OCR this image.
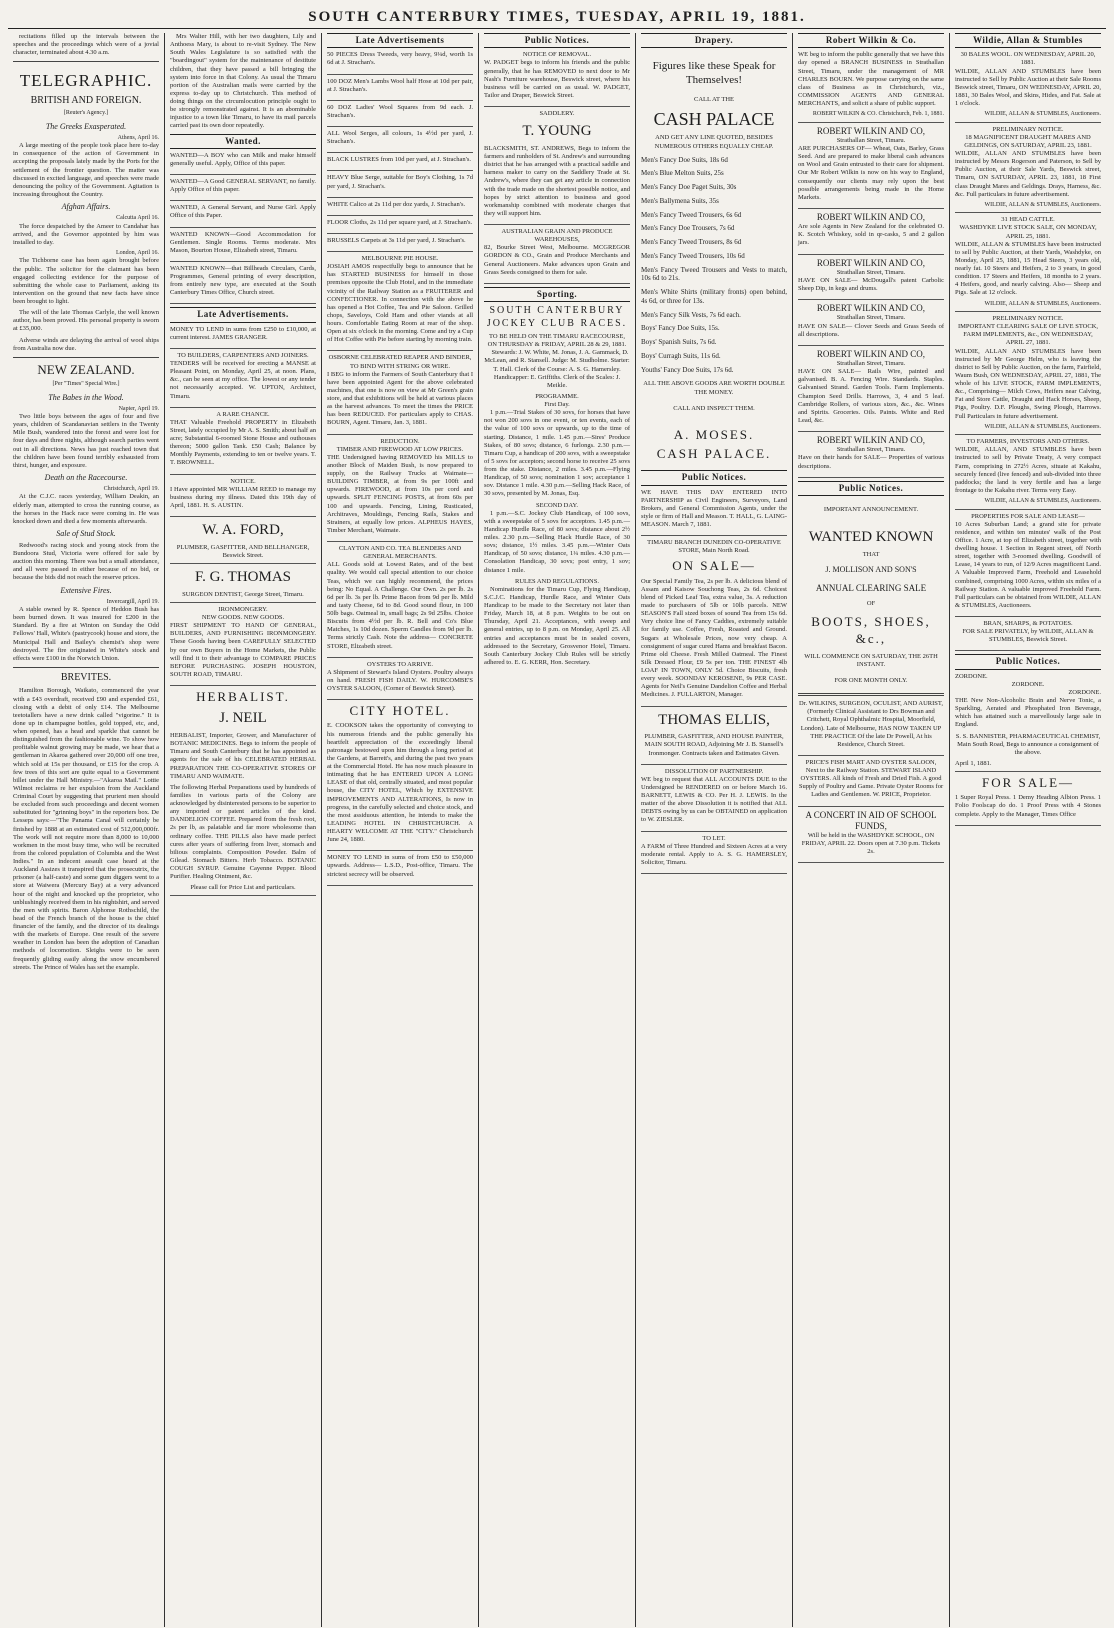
SOUTH CANTERBURY TIMES, TUESDAY, APRIL 19, 1881.

recitations filled up the intervals between the speeches and the proceedings which were of a jovial character, terminated about 4.30 a.m.

TELEGRAPHIC.
BRITISH AND FOREIGN.
[Reuter's Agency.]
The Greeks Exasperated.
Athens, April 16.

A large meeting of the people took place here to-day in consequence of the action of Government in accepting the proposals lately made by the Ports for the settlement of the frontier question. The matter was discussed in excited language, and speeches were made denouncing the policy of the Government. Agitation is increasing throughout the Country.

Afghan Affairs.
Calcutta April 16.

The force despatched by the Ameer to Candahar has arrived, and the Governor appointed by him was installed to day.

London, April 16.

The Tichborne case has been again brought before the public. The solicitor for the claimant has been engaged collecting evidence for the purpose of submitting the whole case to Parliament, asking its intervention on the ground that new facts have since been brought to light.

The will of the late Thomas Carlyle, the well known author, has been proved. His personal property is sworn at £35,000.

Adverse winds are delaying the arrival of wool ships from Australia now due.

NEW ZEALAND.
[Per "Times" Special Wire.]
The Babes in the Wood.
Napier, April 19.

Two little boys between the ages of four and five years, children of Scandanavian settlers in the Twenty Mile Bush, wandered into the forest and were lost for four days and three nights, although search parties went out in all directions. News has just reached town that the children have been found terribly exhausted from thirst, hunger, and exposure.

Death on the Racecourse.
Christchurch, April 19.

At the C.J.C. races yesterday, William Deakin, an elderly man, attempted to cross the running course, as the horses in the Hack race were coming in. He was knocked down and died a few moments afterwards.

Sale of Stud Stock.

Redwood's racing stock and young stock from the Bundoora Stud, Victoria were offered for sale by auction this morning. There was but a small attendance, and all were passed in either because of no bid, or because the bids did not reach the reserve prices.

Extensive Fires.
Invercargill, April 19.

A stable owned by R. Spence of Heddon Bush has been burned down. It was insured for £200 in the Standard. By a fire at Winton on Sunday the Odd Fellows' Hall, White's (pastrycook) house and store, the Municipal Hall and Bailey's chemist's shop were destroyed. The fire originated in White's stock and effects were £100 in the Norwich Union.

BREVITES.

Hamilton Borough, Waikato, commenced the year with a £43 overdraft, received £90 and expended £61, closing with a debit of only £14. The Melbourne teetotallers have a new drink called "vigorine." It is done up in champagne bottles, gold topped, etc, and, when opened, has a head and sparkle that cannot be distinguished from the fashionable wine. To show how profitable walnut growing may be made, we hear that a gentleman in Akaroa gathered over 20,000 off one tree, which sold at 15s per thousand, or £15 for the crop. A few trees of this sort are quite equal to a Government billet under the Hall Ministry.—"Akaroa Mail." Lottie Wilmot reclaims re her expulsion from the Auckland Criminal Court by suggesting that prurient men should be excluded from such proceedings and decent women substituted for "grinning boys" in the reporters box. De Lesseps says:—"The Panama Canal will certainly be finished by 1888 at an estimated cost of 512,000,000fr. The work will not require more than 8,000 to 10,000 workmen in the most busy time, who will be recruited from the colored population of Columbia and the West Indies." In an indecent assault case heard at the Auckland Assizes it transpired that the prosecutrix, the prisoner (a half-caste) and some gum diggers went to a store at Waiwera (Mercury Bay) at a very advanced hour of the night and knocked up the proprietor, who unblushingly received them in his nightshirt, and served the men with spirits. Baron Alphonse Rothschild, the head of the French branch of the house is the chief financier of the family, and the director of its dealings with the markets of Europe. One result of the severe weather in London has been the adoption of Canadian methods of locomotion. Sleighs were to be seen frequently gliding easily along the snow encumbered streets. The Prince of Wales has set the example.

Mrs Walter Hill, with her two daughters, Lily and Anthoess Mary, is about to re-visit Sydney. The New South Wales Legislature is so satisfied with the "boardingout" system for the maintenance of destitute children, that they have passed a bill bringing the system into force in that Colony. As usual the Timaru portion of the Australian mails were carried by the express to-day up to Christchurch. This method of doing things on the circumlocution principle ought to be strongly remonstrated against. It is an abominable injustice to a town like Timaru, to have its mail parcels carried past its own door repeatedly.

Wanted.

WANTED—A BOY who can Milk and make himself generally useful. Apply, Office of this paper.

WANTED—A Good GENERAL SERVANT, no family. Apply Office of this paper.

WANTED, A General Servant, and Nurse Girl. Apply Office of this Paper.

WANTED KNOWN—Good Accommodation for Gentlemen. Single Rooms. Terms moderate. Mrs Mason, Bourton House, Elizabeth street, Timaru.

WANTED KNOWN—that Billheads Circulars, Cards, Programmes, General printing of every description, from entirely new type, are executed at the South Canterbury Times Office, Church street.

Late Advertisements.

MONEY TO LEND in sums from £250 to £10,000, at current interest. JAMES GRANGER.

TO BUILDERS, CARPENTERS AND JOINERS.

TENDERS will be received for erecting a MANSE at Pleasant Point, on Monday, April 25, at noon. Plans, &c., can be seen at my office. The lowest or any tender not necessarily accepted. W. UPTON, Architect, Timaru.

A RARE CHANCE.

THAT Valuable Freehold PROPERTY in Elizabeth Street, lately occupied by Mr A. S. Smith; about half an acre; Substantial 6-roomed Stone House and outhouses thereon; 5000 gallon Tank. £50 Cash; Balance by Monthly Payments, extending to ten or twelve years. T. T. BROWNELL.

NOTICE.

I Have appointed MR WILLIAM REED to manage my business during my illness. Dated this 19th day of April, 1881. H. S. AUSTIN.

W. A. FORD,
PLUMBER, GASFITTER, AND BELLHANGER, Beswick Street.
F. G. THOMAS
SURGEON DENTIST, George Street, Timaru.
IRONMONGERY.
NEW GOODS. NEW GOODS.

FIRST SHIPMENT TO HAND OF GENERAL, BUILDERS, AND FURNISHING IRONMONGERY. These Goods having been CAREFULLY SELECTED by our own Buyers in the Home Markets, the Public will find it to their advantage to COMPARE PRICES BEFORE PURCHASING. JOSEPH HOUSTON, SOUTH ROAD, TIMARU.

HERBALIST.
J. NEIL

HERBALIST, Importer, Grower, and Manufacturer of BOTANIC MEDICINES. Begs to inform the people of Timaru and South Canterbury that he has appointed as agents for the sale of his CELEBRATED HERBAL PREPARATION THE CO-OPERATIVE STORES OF TIMARU AND WAIMATE.

The following Herbal Preparations used by hundreds of families in various parts of the Colony are acknowledged by disinterested persons to be superior to any imported or patent articles of the kind. DANDELION COFFEE. Prepared from the fresh root, 2s per lb, as palatable and far more wholesome than ordinary coffee. THE PILLS also have made perfect cures after years of suffering from liver, stomach and bilious complaints. Composition Powder. Balm of Gilead. Stomach Bitters. Herb Tobacco. BOTANIC COUGH SYRUP. Genuine Cayenne Pepper. Blood Purifier. Healing Ointment, &c.

Please call for Price List and particulars.
Late Advertisements

50 PIECES Dress Tweeds, very heavy, 9¼d, worth 1s 6d at J. Strachan's.

100 DOZ Men's Lambs Wool half Hose at 10d per pair, at J. Strachan's.

60 DOZ Ladies' Wool Squares from 9d each. J. Strachan's.

ALL Wool Serges, all colours, 1s 4½d per yard, J. Strachan's.

BLACK LUSTRES from 10d per yard, at J. Strachan's.

HEAVY Blue Serge, suitable for Boy's Clothing, 1s 7d per yard, J. Strachan's.

WHITE Calico at 2s 11d per doz yards, J. Strachan's.

FLOOR Cloths, 2s 11d per square yard, at J. Strachan's.

BRUSSELS Carpets at 3s 11d per yard, J. Strachan's.

MELBOURNE PIE HOUSE.

JOSIAH AMOS respectfully begs to announce that he has STARTED BUSINESS for himself in those premises opposite the Club Hotel, and in the immediate vicinity of the Railway Station as a FRUITERER and CONFECTIONER. In connection with the above he has opened a Hot Coffee, Tea and Pie Saloon. Grilled chops, Saveloys, Cold Ham and other viands at all hours. Comfortable Eating Room at rear of the shop. Open at six o'clock in the morning. Come and try a Cup of Hot Coffee with Pie before starting by morning train.

OSBORNE CELEBRATED REAPER AND BINDER, TO BIND WITH STRING OR WIRE.

I BEG to inform the Farmers of South Canterbury that I have been appointed Agent for the above celebrated machines, that one is now on view at Mr Green's grain store, and that exhibitions will be held at various places as the harvest advances. To meet the times the PRICE has been REDUCED. For particulars apply to CHAS. BOURN, Agent. Timaru, Jan. 3, 1881.

REDUCTION.
TIMBER AND FIREWOOD AT LOW PRICES.

THE Undersigned having REMOVED his MILLS to another Block of Maiden Bush, is now prepared to supply, on the Railway Trucks at Waimate— BUILDING TIMBER, at from 9s per 100ft and upwards. FIREWOOD, at from 10s per cord and upwards. SPLIT FENCING POSTS, at from 60s per 100 and upwards. Fencing, Lining, Rusticated, Architraves, Mouldings, Fencing Rails, Stakes and Strainers, at equally low prices. ALPHEUS HAYES, Timber Merchant, Waimate.

CLAYTON AND CO. TEA BLENDERS AND GENERAL MERCHANTS.

ALL Goods sold at Lowest Rates, and of the best quality. We would call special attention to our choice Teas, which we can highly recommend, the prices being: No Equal. A Challenge. Our Own. 2s per lb. 2s 6d per lb. 3s per lb. Prime Bacon from 9d per lb. Mild and tasty Cheese, 6d to 8d. Good sound flour, in 100 50lb bags. Oatmeal in, small bags; 2s 9d 25lbs. Choice Biscuits from 4½d per lb. R. Bell and Co's Blue Matches, 1s 10d dozen. Sperm Candles from 9d per lb. Terms strictly Cash. Note the address— CONCRETE STORE, Elizabeth street.

OYSTERS TO ARRIVE.

A Shipment of Stewart's Island Oysters. Poultry always on hand. FRESH FISH DAILY. W. HURCOMBE'S OYSTER SALOON, (Corner of Beswick Street).

CITY HOTEL.

E. COOKSON takes the opportunity of conveying to his numerous friends and the public generally his heartfelt appreciation of the exceedingly liberal patronage bestowed upon him through a long period at the Gardens, at Barrett's, and during the past two years at the Commercial Hotel. He has now much pleasure in intimating that he has ENTERED UPON A LONG LEASE of that old, centrally situated, and most popular house, the CITY HOTEL, Which by EXTENSIVE IMPROVEMENTS AND ALTERATIONS, Is now in progress, in the carefully selected and choice stock, and the most assiduous attention, he intends to make the LEADING HOTEL IN CHRISTCHURCH. A HEARTY WELCOME AT THE "CITY." Christchurch June 24, 1880.

MONEY TO LEND in sums of from £50 to £50,000 upwards. Address— L.S.D., Post-office, Timaru. The strictest secrecy will be observed.

Public Notices.
NOTICE OF REMOVAL.

W. PADGET begs to inform his friends and the public generally, that he has REMOVED to next door to Mr Nash's Furniture warehouse, Beswick street, where his business will be carried on as usual. W. PADGET, Tailor and Draper, Beswick Street.

SADDLERY.
T. YOUNG

BLACKSMITH, ST. ANDREWS, Begs to inform the farmers and runholders of St. Andrew's and surrounding district that he has arranged with a practical saddle and harness maker to carry on the Saddlery Trade at St. Andrew's, where they can get any article in connection with the trade made on the shortest possible notice, and hopes by strict attention to business and good workmanship combined with moderate charges that they will support him.

AUSTRALIAN GRAIN AND PRODUCE WAREHOUSES,

82, Bourke Street West, Melbourne. MCGREGOR GORDON & CO., Grain and Produce Merchants and General Auctioneers. Make advances upon Grain and Grass Seeds consigned to them for sale.

Sporting.
SOUTH CANTERBURY JOCKEY CLUB RACES.
TO BE HELD ON THE TIMARU RACECOURSE, ON THURSDAY & FRIDAY, APRIL 28 & 29, 1881.

Stewards: J. W. White, M. Jonas, J. A. Gammack, D. McLean, and R. Stansell. Judge: M. Studholme. Starter: T. Hall. Clerk of the Course: A. S. G. Hamersley. Handicapper: E. Griffiths. Clerk of the Scales: J. Meikle.

PROGRAMME.
First Day.

1 p.m.—Trial Stakes of 30 sovs, for horses that have not won 200 sovs in one event, or ten events, each of the value of 100 sovs or upwards, up to the time of starting. Distance, 1 mile. 1.45 p.m.—Sires' Produce Stakes, of 80 sovs; distance, 6 furlongs. 2.30 p.m.—Timaru Cup, a handicap of 200 sovs, with a sweepstake of 5 sovs for acceptors; second horse to receive 25 sovs from the stake. Distance, 2 miles. 3.45 p.m.—Flying Handicap, of 50 sovs; nomination 1 sov; acceptance 1 sov. Distance 1 mile. 4.30 p.m.—Selling Hack Race, of 30 sovs, presented by M. Jonas, Esq.

SECOND DAY.

1 p.m.—S.C. Jockey Club Handicap, of 100 sovs, with a sweepstake of 5 sovs for acceptors. 1.45 p.m.—Handicap Hurdle Race, of 80 sovs; distance about 2½ miles. 2.30 p.m.—Selling Hack Hurdle Race, of 30 sovs; distance, 1½ miles. 3.45 p.m.—Winter Oats Handicap, of 50 sovs; distance, 1¼ miles. 4.30 p.m.—Consolation Handicap, 30 sovs; post entry, 1 sov; distance 1 mile.

RULES AND REGULATIONS.

Nominations for the Timaru Cup, Flying Handicap, S.C.J.C. Handicap, Hurdle Race, and Winter Oats Handicap to be made to the Secretary not later than Friday, March 18, at 8 p.m. Weights to be out on Thursday, April 21. Acceptances, with sweep and general entries, up to 8 p.m. on Monday, April 25. All entries and acceptances must be in sealed covers, addressed to the Secretary, Grosvenor Hotel, Timaru. South Canterbury Jockey Club Rules will be strictly adhered to. E. G. KERR, Hon. Secretary.

Drapery.
Figures like these Speak for Themselves!
CALL AT THE
CASH PALACE
AND GET ANY LINE QUOTED, BESIDES NUMEROUS OTHERS EQUALLY CHEAP.
Men's Fancy Doe Suits, 18s 6d
Men's Blue Melton Suits, 25s
Men's Fancy Doe Paget Suits, 30s
Men's Ballymena Suits, 35s
Men's Fancy Tweed Trousers, 6s 6d
Men's Fancy Doe Trousers, 7s 6d
Men's Fancy Tweed Trousers, 8s 6d
Men's Fancy Tweed Trousers, 10s 6d
Men's Fancy Tweed Trousers and Vests to match, 10s 6d to 21s.
Men's White Shirts (military fronts) open behind, 4s 6d, or three for 13s.
Men's Fancy Silk Vests, 7s 6d each.
Boys' Fancy Doe Suits, 15s.
Boys' Spanish Suits, 7s 6d.
Boys' Curragh Suits, 11s 6d.
Youths' Fancy Doe Suits, 17s 6d.
ALL THE ABOVE GOODS ARE WORTH DOUBLE THE MONEY.
CALL AND INSPECT THEM.
A. MOSES.
CASH PALACE.
Public Notices.

WE HAVE THIS DAY ENTERED INTO PARTNERSHIP as Civil Engineers, Surveyors, Land Brokers, and General Commission Agents, under the style or firm of Hall and Meason. T. HALL, G. LAING-MEASON. March 7, 1881.

TIMARU BRANCH DUNEDIN CO-OPERATIVE STORE, Main North Road.
ON SALE—

Our Special Family Tea, 2s per lb. A delicious blend of Assam and Kaisow Souchong Teas, 2s 6d. Choicest blend of Picked Leaf Tea, extra value, 3s. A reduction made to purchasers of 5lb or 10lb parcels. NEW SEASON'S Fall sized boxes of sound Tea from 15s 6d. Very choice line of Fancy Caddies, extremely suitable for family use. Coffee, Fresh, Roasted and Ground. Sugars at Wholesale Prices, now very cheap. A consignment of sugar cured Hams and breakfast Bacon. Prime old Cheese. Fresh Milled Oatmeal. The Finest Silk Dressed Flour, £9 5s per ton. THE FINEST 4lb LOAF IN TOWN, ONLY 5d. Choice Biscuits, fresh every week. SOONDAY KEROSENE, 9s PER CASE. Agents for Neil's Genuine Dandelion Coffee and Herbal Medicines. J. FULLARTON, Manager.

THOMAS ELLIS,

PLUMBER, GASFITTER, AND HOUSE PAINTER, MAIN SOUTH ROAD, Adjoining Mr J. B. Stansell's Ironmonger. Contracts taken and Estimates Given.

DISSOLUTION OF PARTNERSHIP.

WE beg to request that ALL ACCOUNTS DUE to the Undersigned be RENDERED on or before March 16. BARNETT, LEWIS & CO. Per H. J. LEWIS. In the matter of the above Dissolution it is notified that ALL DEBTS owing by us can be OBTAINED on application to W. ZIESLER.

TO LET.

A FARM of Three Hundred and Sixteen Acres at a very moderate rental. Apply to A. S. G. HAMERSLEY, Solicitor, Timaru.

Robert Wilkin & Co.

WE beg to inform the public generally that we have this day opened a BRANCH BUSINESS in Strathallan Street, Timaru, under the management of MR CHARLES BOURN. We purpose carrying on the same class of Business as in Christchurch, viz., COMMISSION AGENTS AND GENERAL MERCHANTS, and solicit a share of public support.

ROBERT WILKIN & CO. Christchurch, Feb. 1, 1881.
ROBERT WILKIN AND CO,
Strathallan Street, Timaru.

ARE PURCHASERS OF— Wheat, Oats, Barley, Grass Seed. And are prepared to make liberal cash advances on Wool and Grain entrusted to their care for shipment. Our Mr Robert Wilkin is now on his way to England, consequently our clients may rely upon the best possible arrangements being made in the Home Markets.

ROBERT WILKIN AND CO,

Are sole Agents in New Zealand for the celebrated O. K. Scotch Whiskey, sold in qr-casks, 5 and 2 gallon jars.

ROBERT WILKIN AND CO,
Strathallan Street, Timaru.

HAVE ON SALE— McDougall's patent Carbolic Sheep Dip, in kegs and drums.

ROBERT WILKIN AND CO,
Strathallan Street, Timaru.

HAVE ON SALE— Clover Seeds and Grass Seeds of all descriptions.

ROBERT WILKIN AND CO,
Strathallan Street, Timaru.

HAVE ON SALE— Rails Wire, painted and galvanised. B. A. Fencing Wire. Standards. Staples. Galvanised Strand. Garden Tools. Farm Implements. Champion Seed Drills. Harrows, 3, 4 and 5 leaf. Cambridge Rollers, of various sizes, &c., &c. Wines and Spirits. Groceries. Oils. Paints. White and Red Lead, &c.

ROBERT WILKIN AND CO,
Strathallan Street, Timaru.

Have on their hands for SALE— Properties of various descriptions.

Public Notices.
IMPORTANT ANNOUNCEMENT.
WANTED KNOWN
THAT
J. MOLLISON AND SON'S
ANNUAL CLEARING SALE
OF
BOOTS, SHOES, &c.,
WILL COMMENCE ON SATURDAY, THE 26TH INSTANT.
FOR ONE MONTH ONLY.

Dr. WILKINS, SURGEON, OCULIST, AND AURIST, (Formerly Clinical Assistant to Drs Bowman and Critchett, Royal Ophthalmic Hospital, Moorfield, London). Late of Melbourne, HAS NOW TAKEN UP THE PRACTICE Of the late Dr Powell, At his Residence, Church Street.

PRICE'S FISH MART AND OYSTER SALOON,

Next to the Railway Station. STEWART ISLAND OYSTERS. All kinds of Fresh and Dried Fish. A good Supply of Poultry and Game. Private Oyster Rooms for Ladies and Gentlemen. W. PRICE, Proprietor.

A CONCERT IN AID OF SCHOOL FUNDS,

Will be held in the WASHDYKE SCHOOL, ON FRIDAY, APRIL 22. Doors open at 7.30 p.m. Tickets 2s.

Wildie, Allan & Stumbles
30 BALES WOOL. ON WEDNESDAY, APRIL 20, 1881.

WILDIE, ALLAN AND STUMBLES have been instructed to Sell by Public Auction at their Sale Rooms Beswick street, Timaru, ON WEDNESDAY, APRIL 20, 1881, 30 Bales Wool, and Skins, Hides, and Fat. Sale at 1 o'clock.

WILDIE, ALLAN & STUMBLES, Auctioneers.
PRELIMINARY NOTICE.
18 MAGNIFICENT DRAUGHT MARES AND GELDINGS, ON SATURDAY, APRIL 23, 1881.

WILDIE, ALLAN AND STUMBLES have been instructed by Messrs Rogerson and Paterson, to Sell by Public Auction, at their Sale Yards, Beswick street, Timaru, ON SATURDAY, APRIL 23, 1881, 18 First class Draught Mares and Geldings. Drays, Harness, &c. &c. Full particulars in future advertisement.

WILDIE, ALLAN & STUMBLES, Auctioneers.
31 HEAD CATTLE.
WASHDYKE LIVE STOCK SALE, ON MONDAY, APRIL 25, 1881.

WILDIE, ALLAN & STUMBLES have been instructed to sell by Public Auction, at their Yards, Washdyke, on Monday, April 25, 1881, 15 Head Steers, 3 years old, nearly fat. 10 Steers and Heifers, 2 to 3 years, in good condition. 17 Steers and Heifers, 18 months to 2 years. 4 Heifers, good, and nearly calving. Also— Sheep and Pigs. Sale at 12 o'clock.

WILDIE, ALLAN & STUMBLES, Auctioneers.
PRELIMINARY NOTICE.
IMPORTANT CLEARING SALE OF LIVE STOCK, FARM IMPLEMENTS, &c., ON WEDNESDAY, APRIL 27, 1881.

WILDIE, ALLAN AND STUMBLES have been instructed by Mr George Helm, who is leaving the district to Sell by Public Auction, on the farm, Fairfield, Waum Bush, ON WEDNESDAY, APRIL 27, 1881, The whole of his LIVE STOCK, FARM IMPLEMENTS, &c., Comprising— Milch Cows, Heifers near Calving, Fat and Store Cattle, Draught and Hack Horses, Sheep, Pigs, Poultry. D.F. Ploughs, Swing Plough, Harrows. Full Particulars in future advertisement.

WILDIE, ALLAN & STUMBLES, Auctioneers.
TO FARMERS, INVESTORS AND OTHERS.

WILDIE, ALLAN, AND STUMBLES have been instructed to sell by Private Treaty, A very compact Farm, comprising in 272½ Acres, situate at Kakahu, securely fenced (live fenced) and sub-divided into three paddocks; the land is very fertile and has a large frontage to the Kakahu river. Terms very Easy.

WILDIE, ALLAN & STUMBLES, Auctioneers.
PROPERTIES FOR SALE AND LEASE—

10 Acres Suburban Land; a grand site for private residence, and within ten minutes' walk of the Post Office. 1 Acre, at top of Elizabeth street, together with dwelling house. 1 Section in Regent street, off North street, together with 3-roomed dwelling. Goodwill of Lease, 14 years to run, of 12/9 Acres magnificent Land. A Valuable Improved Farm, Freehold and Leasehold combined, comprising 1000 Acres, within six miles of a Railway Station. A valuable improved Freehold Farm. Full particulars can be obtained from WILDIE, ALLAN & STUMBLES, Auctioneers.

BRAN, SHARPS, & POTATOES.

FOR SALE PRIVATELY, by WILDIE, ALLAN & STUMBLES, Beswick Street.

Public Notices.
ZORDONE.
ZORDONE.
ZORDONE.

THE New Non-Alcoholic Brain and Nerve Tonic, a Sparkling, Aerated and Phosphated Iron Beverage, which has attained such a marvellously large sale in England.

S. S. BANNISTER, PHARMACEUTICAL CHEMIST, Main South Road, Begs to announce a consignment of the above.

April 1, 1881.
FOR SALE—

1 Super Royal Press. 1 Demy Heading Albion Press. 1 Folio Foolscap do do. 1 Proof Press with 4 Stones complete. Apply to the Manager, Times Office
